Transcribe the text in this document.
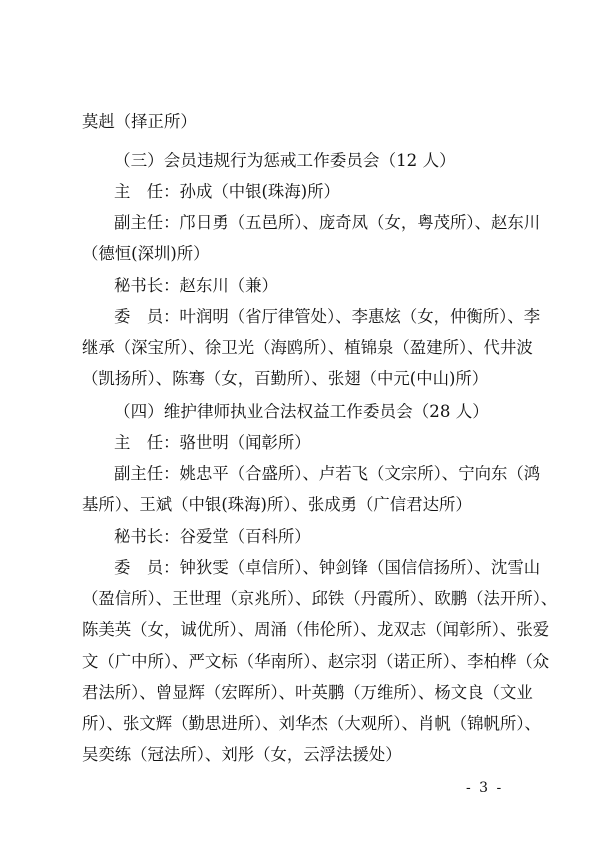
莫赳（择正所）
（三）会员违规行为惩戒工作委员会（12 人）
主　任：孙成（中银(珠海)所）
副主任：邝日勇（五邑所）、庞奇凤（女，粤茂所）、赵东川
（德恒(深圳)所）
秘书长：赵东川（兼）
委　员：叶润明（省厅律管处）、李惠炫（女，仲衡所）、李
继承（深宝所）、徐卫光（海鸥所）、植锦泉（盈建所）、代井波
（凯扬所）、陈骞（女，百勤所）、张翅（中元(中山)所）
（四）维护律师执业合法权益工作委员会（28 人）
主　任：骆世明（闻彰所）
副主任：姚忠平（合盛所）、卢若飞（文宗所）、宁向东（鸿
基所）、王斌（中银(珠海)所）、张成勇（广信君达所）
秘书长：谷爱堂（百科所）
委　员：钟狄雯（卓信所）、钟剑锋（国信信扬所）、沈雪山
（盈信所）、王世理（京兆所）、邱铁（丹霞所）、欧鹏（法开所）、
陈美英（女，诚优所）、周涌（伟伦所）、龙双志（闻彰所）、张爱
文（广中所）、严文标（华南所）、赵宗羽（诺正所）、李柏桦（众
君法所）、曾显辉（宏晖所）、叶英鹏（万维所）、杨文良（文业
所）、张文辉（勤思进所）、刘华杰（大观所）、肖帆（锦帆所）、
吴奕练（冠法所）、刘彤（女，云浮法援处）
- 3 -
